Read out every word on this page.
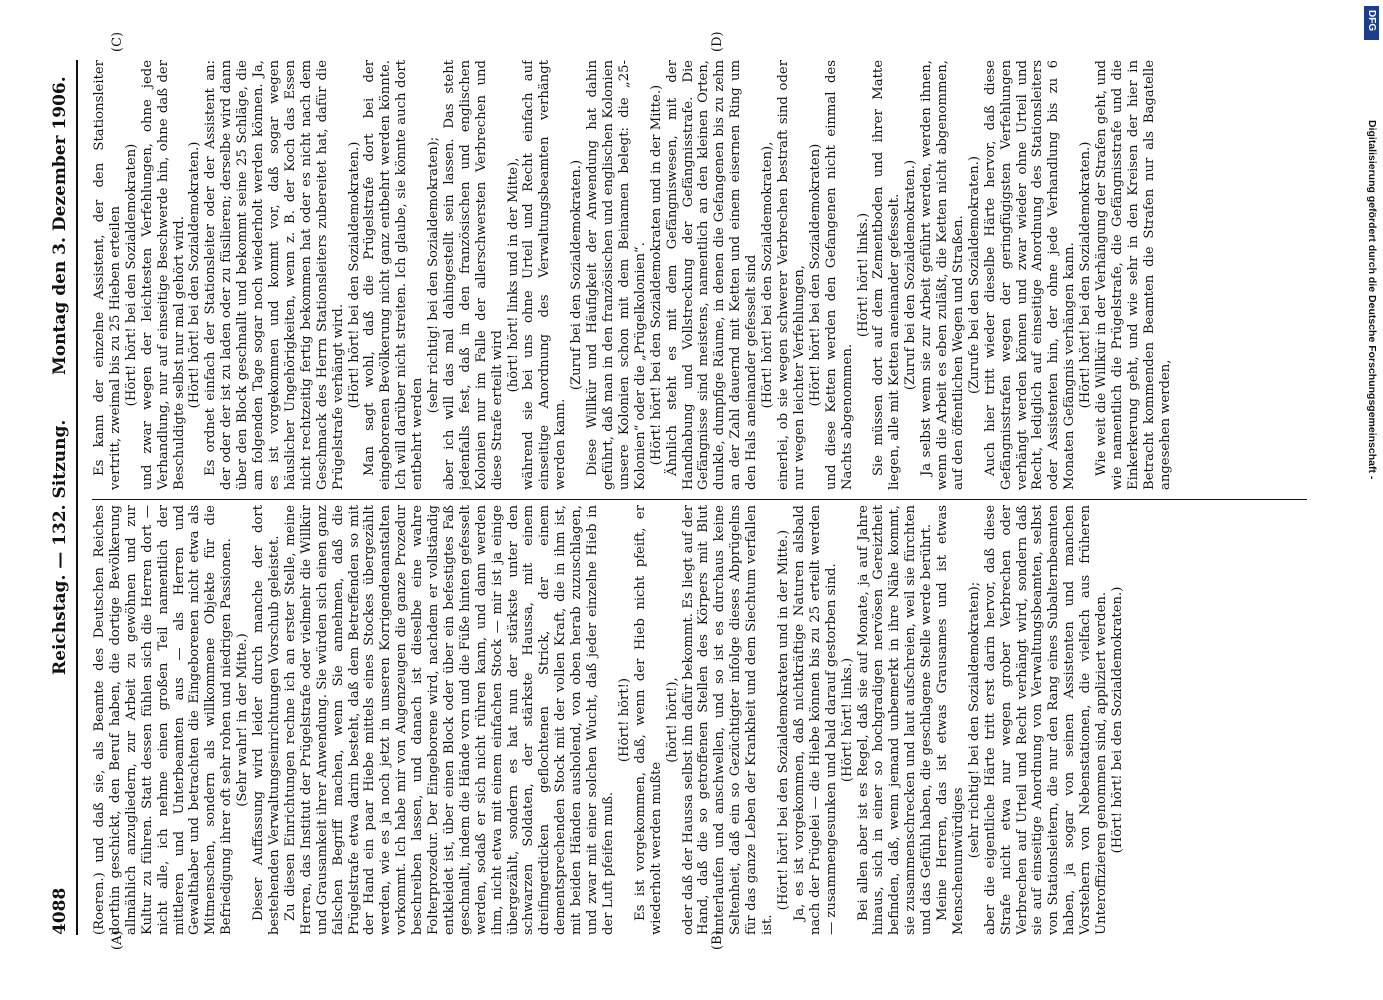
4088
Reichstag. — 132. Sitzung.
Montag den 3. Dezember 1906.
(A)	(B)
(C)	(D)

(Roeren.) und daß sie, als Beamte des Deutschen Reiches dorthin geschickt, den Beruf haben, die dortige Bevölkerung allmählich anzugliedern, zur Arbeit zu gewöhnen und zur Kultur zu führen. Statt dessen fühlen sich die Herren dort — nicht alle, ich nehme einen großen Teil namentlich der mittleren und Unterbeamten aus — als Herren und Gewalthaber und betrachten die Eingeborenen nicht etwa als Mitmenschen, sondern als willkommene Objekte für die Befriedigung ihrer oft sehr rohen und niedrigen Passionen. (Sehr wahr! in der Mitte.) Dieser Auffassung wird leider durch manche der dort bestehenden Verwaltungseinrichtungen Vorschub geleistet. Zu diesen Einrichtungen rechne ich an erster Stelle, meine Herren, das Institut der Prügelstrafe oder vielmehr die Willkür und Grausamkeit ihrer Anwendung. Sie würden sich einen ganz falschen Begriff machen, wenn Sie annehmen, daß die Prügelstrafe etwa darin besteht, daß dem Betreffenden so mit der Hand ein paar Hiebe mittels eines Stockes übergezählt werden, wie es ja noch jetzt in unseren Korrigendenanstalten vorkommt. Ich habe mir von Augenzeugen die ganze Prozedur beschreiben lassen, und danach ist dieselbe eine wahre Folterprozedur. Der Eingeborene wird, nachdem er vollständig entkleidet ist, über einen Block oder über ein befestigtes Faß geschnallt, indem die Hände vorn und die Füße hinten gefesselt werden, sodaß er sich nicht rühren kann, und dann werden ihm, nicht etwa mit einem einfachen Stock — mir ist ja einige übergezählt, sondern es hat nun der stärkste unter den schwarzen Soldaten, der stärkste Haussa, mit einem dreifingerdicken geflochtenen Strick, der einem dementsprechenden Stock mit der vollen Kraft, die in ihm ist, mit beiden Händen ausholend, von oben herab zuzuschlagen, und zwar mit einer solchen Wucht, daß jeder einzelne Hieb in der Luft pfeifen muß.

(Hört! hört!) Es ist vorgekommen, daß, wenn der Hieb nicht pfeift, er wiederholt werden mußte

(hört! hört!), oder daß der Haussa selbst ihn dafür bekommt. Es liegt auf der Hand, daß die so getroffenen Stellen des Körpers mit Blut unterlaufen und anschwellen, und so ist es durchaus keine Seltenheit, daß ein so Gezüchtigter infolge dieses Abprügelns für das ganze Leben der Krankheit und dem Siechtum verfallen ist.

(Hört! hört! bei den Sozialdemokraten und in der Mitte.) Ja, es ist vorgekommen, daß nichtkräftige Naturen alsbald nach der Prügelei — die Hiebe können bis zu 25 erteilt werden — zusammengesunken und bald darauf gestorben sind. (Hört! hört! links.) Bei allen aber ist es Regel, daß sie auf Monate, ja auf Jahre hinaus, sich in einer so hochgradigen nervösen Gereiztheit befinden, daß, wenn jemand unbemerkt in ihre Nähe kommt, sie zusammenschrecken und laut aufschreien, weil sie fürchten und das Gefühl haben, die geschlagene Stelle werde berührt. Meine Herren, das ist etwas Grausames und ist etwas Menschenunwürdiges

(sehr richtig! bei den Sozialdemokraten); aber die eigentliche Härte tritt erst darin hervor, daß diese Strafe nicht etwa nur wegen grober Verbrechen oder Verbrechen auf Urteil und Recht verhängt wird, sondern daß sie auf einseitige Anordnung von Verwaltungsbeamten, selbst von Stationsleitern, die nur den Rang eines Subalternbeamten haben, ja sogar von seinen Assistenten und manchen Vorstehern von Nebenstationen, die vielfach aus früheren Unteroffizieren genommen sind, appliziert werden. (Hört! hört! bei den Sozialdemokraten.)

Es kann der einzelne Assistent, der den Stationsleiter vertritt, zweimal bis zu 25 Hieben erteilen (Hört! hört! bei den Sozialdemokraten) und zwar wegen der leichtesten Verfehlungen, ohne jede Verhandlung, nur auf einseitige Beschwerde hin, ohne daß der Beschuldigte selbst nur mal gehört wird. (Hört! hört! bei den Sozialdemokraten.) Es ordnet einfach der Stationsleiter oder der Assistent an: der oder der ist zu laden oder zu füsilieren; derselbe wird dann über den Block geschnallt und bekommt seine 25 Schläge, die am folgenden Tage sogar noch wiederholt werden können. Ja, es ist vorgekommen und kommt vor, daß sogar wegen häuslicher Ungehörigkeiten, wenn z. B. der Koch das Essen nicht rechtzeitig fertig bekommen hat oder es nicht nach dem Geschmack des Herrn Stationsleiters zubereitet hat, dafür die Prügelstrafe verhängt wird. (Hört! hört! bei den Sozialdemokraten.) Man sagt wohl, daß die Prügelstrafe dort bei der eingeborenen Bevölkerung nicht ganz entbehrt werden könnte. Ich will darüber nicht streiten. Ich glaube, sie könnte auch dort entbehrt werden

(sehr richtig! bei den Sozialdemokraten); aber ich will das mal dahingestellt sein lassen. Das steht jedenfalls fest, daß in den französischen und englischen Kolonien nur im Falle der allerschwersten Verbrechen und diese Strafe erteilt wird

(hört! hört! links und in der Mitte), während sie bei uns ohne Urteil und Recht einfach auf einseitige Anordnung des Verwaltungsbeamten verhängt werden kann.

(Zuruf bei den Sozialdemokraten.) Diese Willkür und Häufigkeit der Anwendung hat dahin geführt, daß man in den französischen und englischen Kolonien unsere Kolonien schon mit dem Beinamen belegt: die „25-Kolonien“ oder die „Prügelkolonien“. (Hört! hört! bei den Sozialdemokraten und in der Mitte.) Ähnlich steht es mit dem Gefängniswesen, mit der Handhabung und Vollstreckung der Gefängnisstrafe. Die Gefängnisse sind meistens, namentlich an den kleinen Orten, dunkle, dumpfige Räume, in denen die Gefangenen bis zu zehn an der Zahl dauernd mit Ketten und einem eisernen Ring um den Hals aneinander gefesselt sind (Hört! hört! bei den Sozialdemokraten), einerlei, ob sie wegen schwerer Verbrechen bestraft sind oder nur wegen leichter Verfehlungen, (Hört! hört! bei den Sozialdemokraten) und diese Ketten werden den Gefangenen nicht einmal des Nachts abgenommen.

(Hört! hört! links.) Sie müssen dort auf dem Zementboden und ihrer Matte liegen, alle mit Ketten aneinander gefesselt. (Zuruf bei den Sozialdemokraten.) Ja selbst wenn sie zur Arbeit geführt werden, werden ihnen, wenn die Arbeit es eben zuläßt, die Ketten nicht abgenommen, auf den öffentlichen Wegen und Straßen. (Zurufe bei den Sozialdemokraten.) Auch hier tritt wieder dieselbe Härte hervor, daß diese Gefängnisstrafen wegen der geringfügigsten Verfehlungen verhängt werden können und zwar wieder ohne Urteil und Recht, lediglich auf einseitige Anordnung des Stationsleiters oder Assistenten hin, der ohne jede Verhandlung bis zu 6 Monaten Gefängnis verhängen kann. (Hört! hört! bei den Sozialdemokraten.) Wie weit die Willkür in der Verhängung der Strafen geht, und wie namentlich die Prügelstrafe, die Gefängnisstrafe und die Einkerkerung geht, und wie sehr in den Kreisen der hier in Betracht kommenden Beamten die Strafen nur als Bagatelle angesehen werden,

DFG
Digitalisierung gefördert durch die Deutsche Forschungsgemeinschaft -
